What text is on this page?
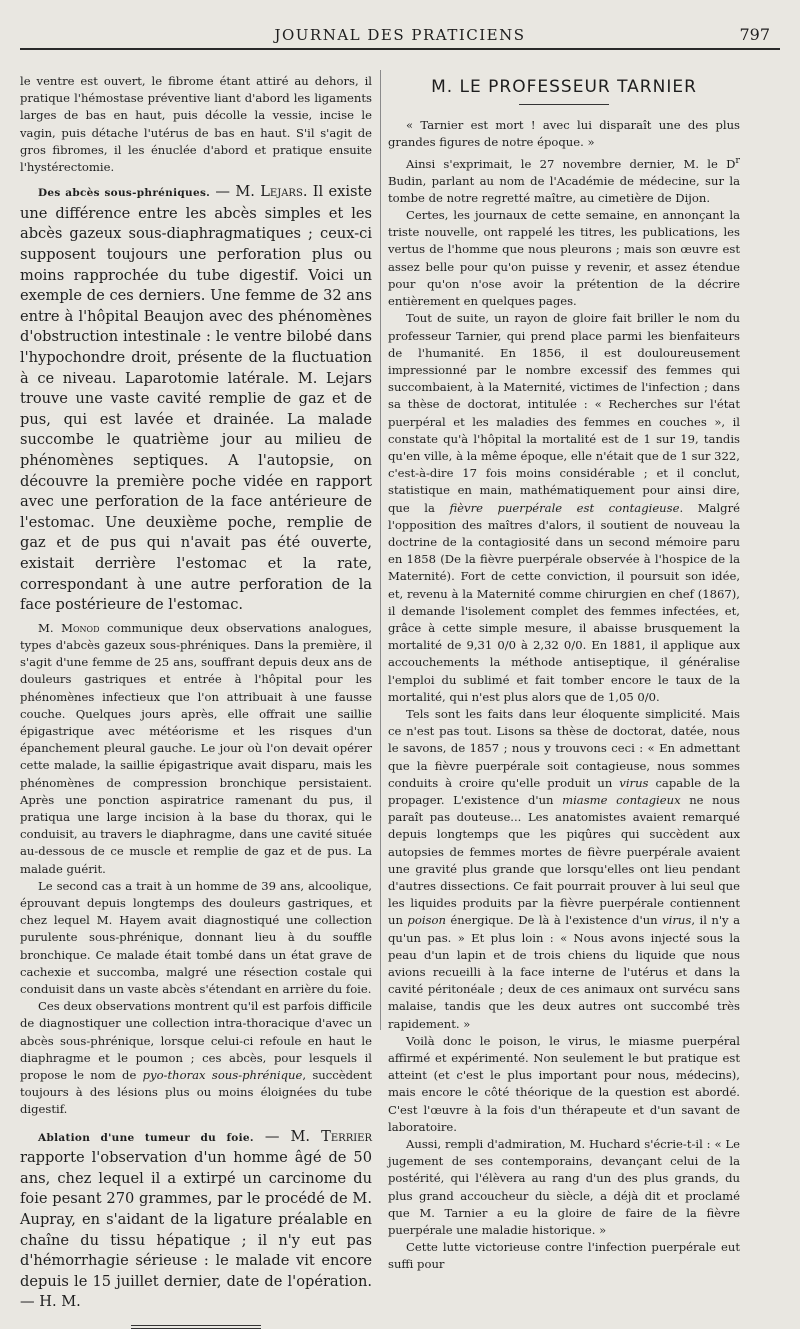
JOURNAL DES PRATICIENS	797

le ventre est ouvert, le fibrome étant attiré au dehors, il pratique l'hémostase préventive liant d'abord les ligaments larges de bas en haut, puis décolle la vessie, incise le vagin, puis détache l'utérus de bas en haut. S'il s'agit de gros fibromes, il les énuclée d'abord et pratique ensuite l'hystérectomie.

Des abcès sous-phréniques. — M. Lejars. Il existe une différence entre les abcès simples et les abcès gazeux sous-diaphragmatiques ; ceux-ci supposent toujours une perforation plus ou moins rapprochée du tube digestif. Voici un exemple de ces derniers. Une femme de 32 ans entre à l'hôpital Beaujon avec des phénomènes d'obstruction intestinale : le ventre bilobé dans l'hypochondre droit, présente de la fluctuation à ce niveau. Laparotomie latérale. M. Lejars trouve une vaste cavité remplie de gaz et de pus, qui est lavée et drainée. La malade succombe le quatrième jour au milieu de phénomènes septiques. A l'autopsie, on découvre la première poche vidée en rapport avec une perforation de la face antérieure de l'estomac. Une deuxième poche, remplie de gaz et de pus qui n'avait pas été ouverte, existait derrière l'estomac et la rate, correspondant à une autre perforation de la face postérieure de l'estomac.

M. Monod communique deux observations analogues, types d'abcès gazeux sous-phréniques. Dans la première, il s'agit d'une femme de 25 ans, souffrant depuis deux ans de douleurs gastriques et entrée à l'hôpital pour les phénomènes infectieux que l'on attribuait à une fausse couche. Quelques jours après, elle offrait une saillie épigastrique avec météorisme et les risques d'un épanchement pleural gauche. Le jour où l'on devait opérer cette malade, la saillie épigastrique avait disparu, mais les phénomènes de compression bronchique persistaient. Après une ponction aspiratrice ramenant du pus, il pratiqua une large incision à la base du thorax, qui le conduisit, au travers le diaphragme, dans une cavité située au-dessous de ce muscle et remplie de gaz et de pus. La malade guérit.

Le second cas a trait à un homme de 39 ans, alcoolique, éprouvant depuis longtemps des douleurs gastriques, et chez lequel M. Hayem avait diagnostiqué une collection purulente sous-phrénique, donnant lieu à du souffle bronchique. Ce malade était tombé dans un état grave de cachexie et succomba, malgré une résection costale qui conduisit dans un vaste abcès s'étendant en arrière du foie.

Ces deux observations montrent qu'il est parfois difficile de diagnostiquer une collection intra-thoracique d'avec un abcès sous-phrénique, lorsque celui-ci refoule en haut le diaphragme et le poumon ; ces abcès, pour lesquels il propose le nom de pyo-thorax sous-phrénique, succèdent toujours à des lésions plus ou moins éloignées du tube digestif.

Ablation d'une tumeur du foie. — M. Terrier rapporte l'observation d'un homme âgé de 50 ans, chez lequel il a extirpé un carcinome du foie pesant 270 grammes, par le procédé de M. Aupray, en s'aidant de la ligature préalable en chaîne du tissu hépatique ; il n'y eut pas d'hémorrhagie sérieuse : le malade vit encore depuis le 15 juillet dernier, date de l'opération. — H. M.

M. LE PROFESSEUR TARNIER

« Tarnier est mort ! avec lui disparaît une des plus grandes figures de notre époque. »

Ainsi s'exprimait, le 27 novembre dernier, M. le $D^r$ Budin, parlant au nom de l'Académie de médecine, sur la tombe de notre regretté maître, au cimetière de Dijon.

Certes, les journaux de cette semaine, en annonçant la triste nouvelle, ont rappelé les titres, les publications, les vertus de l'homme que nous pleurons ; mais son œuvre est assez belle pour qu'on puisse y revenir, et assez étendue pour qu'on n'ose avoir la prétention de la décrire entièrement en quelques pages.

Tout de suite, un rayon de gloire fait briller le nom du professeur Tarnier, qui prend place parmi les bienfaiteurs de l'humanité. En 1856, il est douloureusement impressionné par le nombre excessif des femmes qui succombaient, à la Maternité, victimes de l'infection ; dans sa thèse de doctorat, intitulée : « Recherches sur l'état puerpéral et les maladies des femmes en couches », il constate qu'à l'hôpital la mortalité est de 1 sur 19, tandis qu'en ville, à la même époque, elle n'était que de 1 sur 322, c'est-à-dire 17 fois moins considérable ; et il conclut, statistique en main, mathématiquement pour ainsi dire, que la fièvre puerpérale est contagieuse. Malgré l'opposition des maîtres d'alors, il soutient de nouveau la doctrine de la contagiosité dans un second mémoire paru en 1858 (De la fièvre puerpérale observée à l'hospice de la Maternité). Fort de cette conviction, il poursuit son idée, et, revenu à la Maternité comme chirurgien en chef (1867), il demande l'isolement complet des femmes infectées, et, grâce à cette simple mesure, il abaisse brusquement la mortalité de 9,31 0/0 à 2,32 0/0. En 1881, il applique aux accouchements la méthode antiseptique, il généralise l'emploi du sublimé et fait tomber encore le taux de la mortalité, qui n'est plus alors que de 1,05 0/0.

Tels sont les faits dans leur éloquente simplicité. Mais ce n'est pas tout. Lisons sa thèse de doctorat, datée, nous le savons, de 1857 ; nous y trouvons ceci : « En admettant que la fièvre puerpérale soit contagieuse, nous sommes conduits à croire qu'elle produit un virus capable de la propager. L'existence d'un miasme contagieux ne nous paraît pas douteuse... Les anatomistes avaient remarqué depuis longtemps que les piqûres qui succèdent aux autopsies de femmes mortes de fièvre puerpérale avaient une gravité plus grande que lorsqu'elles ont lieu pendant d'autres dissections. Ce fait pourrait prouver à lui seul que les liquides produits par la fièvre puerpérale contiennent un poison énergique. De là à l'existence d'un virus, il n'y a qu'un pas. » Et plus loin : « Nous avons injecté sous la peau d'un lapin et de trois chiens du liquide que nous avions recueilli à la face interne de l'utérus et dans la cavité péritonéale ; deux de ces animaux ont survécu sans malaise, tandis que les deux autres ont succombé très rapidement. »

Voilà donc le poison, le virus, le miasme puerpéral affirmé et expérimenté. Non seulement le but pratique est atteint (et c'est le plus important pour nous, médecins), mais encore le côté théorique de la question est abordé. C'est l'œuvre à la fois d'un thérapeute et d'un savant de laboratoire.

Aussi, rempli d'admiration, M. Huchard s'écrie-t-il : « Le jugement de ses contemporains, devançant celui de la postérité, qui l'élèvera au rang d'un des plus grands, du plus grand accoucheur du siècle, a déjà dit et proclamé que M. Tarnier a eu la gloire de faire de la fièvre puerpérale une maladie historique. »

Cette lutte victorieuse contre l'infection puerpérale eut suffi pour
